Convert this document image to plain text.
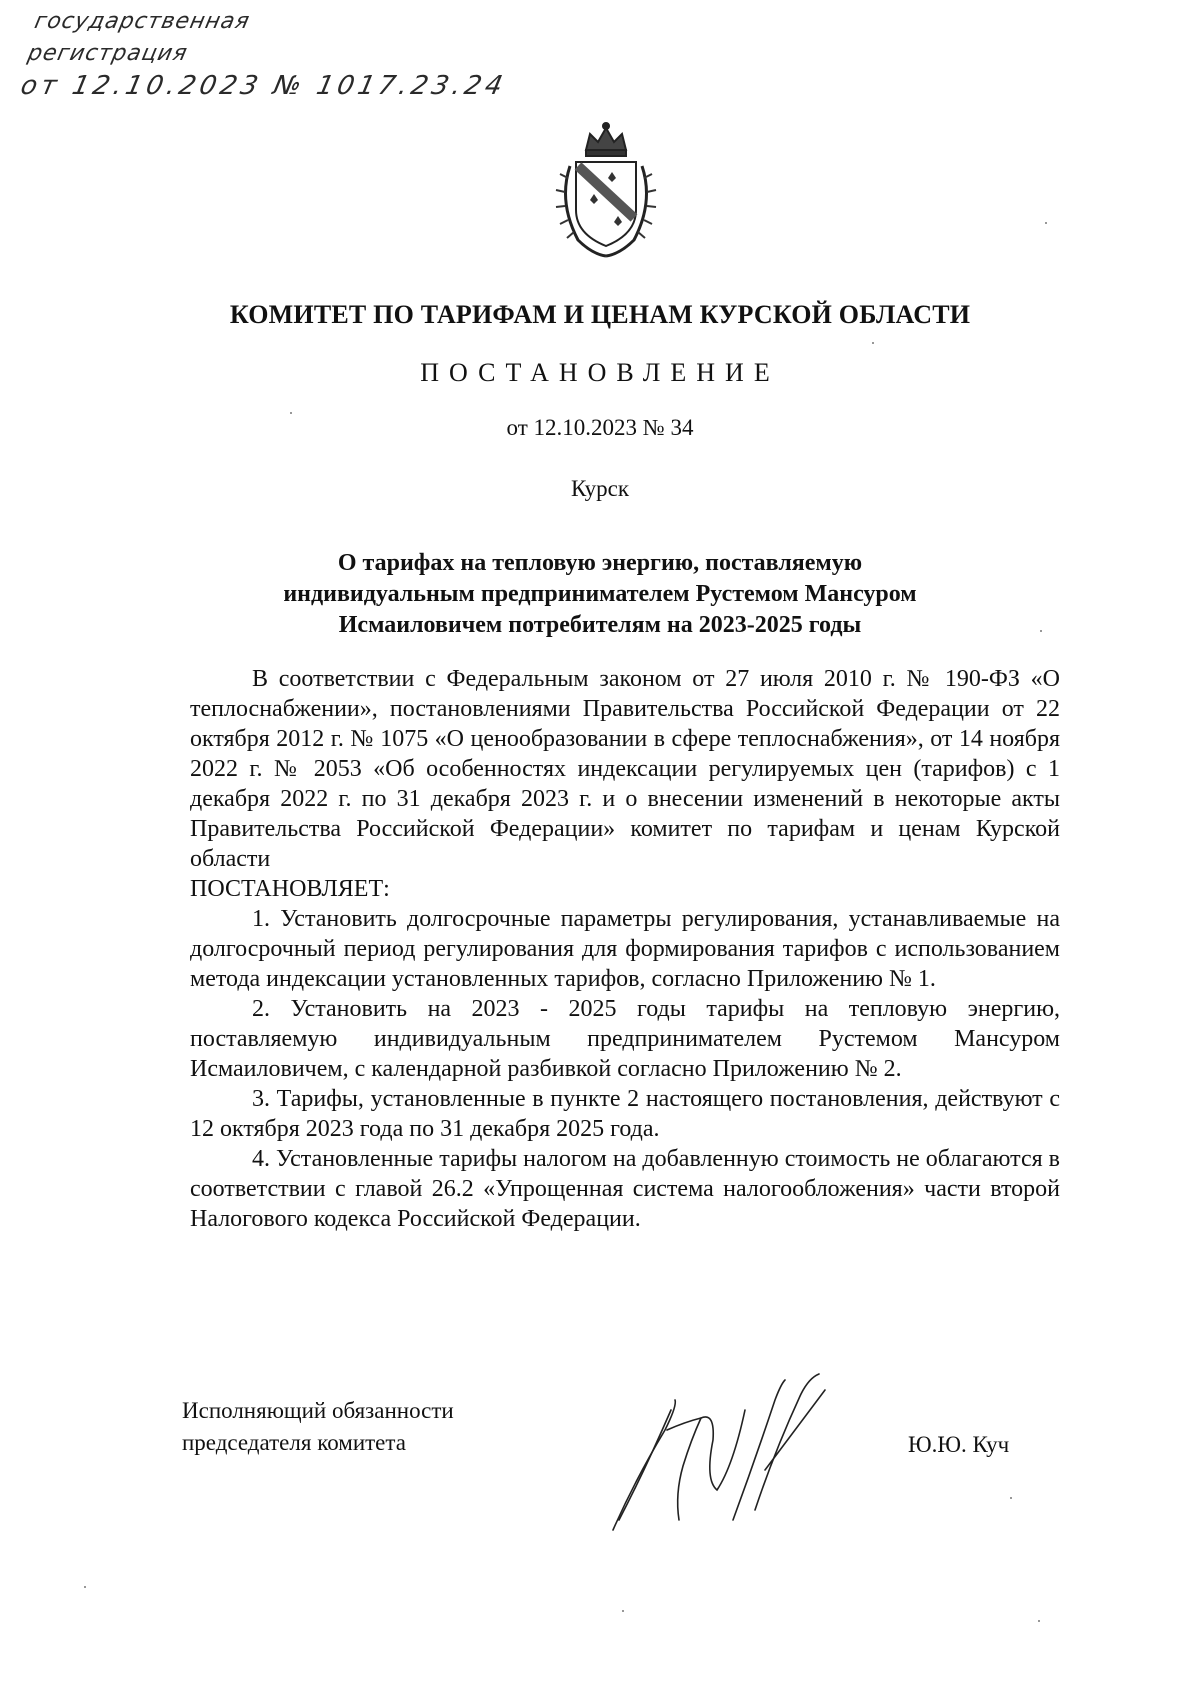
государственная
регистрация
от 12.10.2023 № 1017.23.24
КОМИТЕТ ПО ТАРИФАМ И ЦЕНАМ КУРСКОЙ ОБЛАСТИ
ПОСТАНОВЛЕНИЕ
от 12.10.2023 № 34
Курск
О тарифах на тепловую энергию, поставляемую
индивидуальным предпринимателем Рустемом Мансуром
Исмаиловичем потребителям на 2023-2025 годы

В соответствии с Федеральным законом от 27 июля 2010 г. № 190-ФЗ «О теплоснабжении», постановлениями Правительства Российской Федерации от 22 октября 2012 г. № 1075 «О ценообразовании в сфере теплоснабжения», от 14 ноября 2022 г. № 2053 «Об особенностях индексации регулируемых цен (тарифов) с 1 декабря 2022 г. по 31 декабря 2023 г. и о внесении изменений в некоторые акты Правительства Российской Федерации» комитет по тарифам и ценам Курской области

ПОСТАНОВЛЯЕТ:

1. Установить долгосрочные параметры регулирования, устанавливаемые на долгосрочный период регулирования для формирования тарифов с использованием метода индексации установленных тарифов, согласно Приложению № 1.

2. Установить на 2023 - 2025 годы тарифы на тепловую энергию, поставляемую индивидуальным предпринимателем Рустемом Мансуром Исмаиловичем, с календарной разбивкой согласно Приложению № 2.

3. Тарифы, установленные в пункте 2 настоящего постановления, действуют с 12 октября 2023 года по 31 декабря 2025 года.

4. Установленные тарифы налогом на добавленную стоимость не облагаются в соответствии с главой 26.2 «Упрощенная система налогообложения» части второй Налогового кодекса Российской Федерации.

Исполняющий обязанности
председателя комитета	Ю.Ю. Куч
